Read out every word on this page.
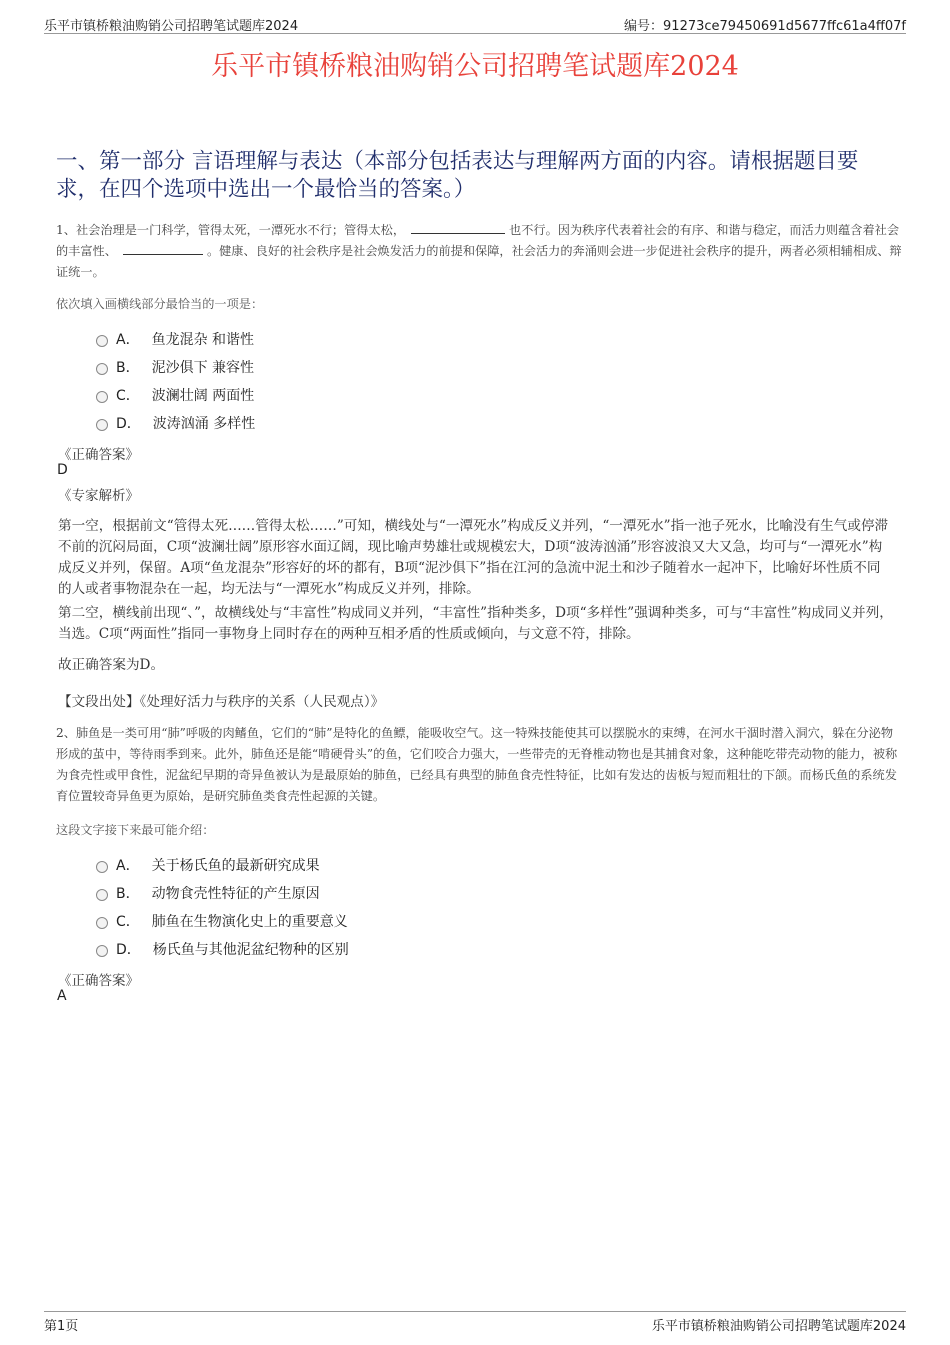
乐平市镇桥粮油购销公司招聘笔试题库2024	编号：91273ce79450691d5677ffc61a4ff07f
乐平市镇桥粮油购销公司招聘笔试题库2024
一、第一部分 言语理解与表达（本部分包括表达与理解两方面的内容。请根据题目要求，在四个选项中选出一个最恰当的答案。）
1、社会治理是一门科学，管得太死，一潭死水不行；管得太松，	也不行。因为秩序代表着社会的有序、和谐与稳定，而活力则蕴含着社会的丰富性、	。健康、良好的社会秩序是社会焕发活力的前提和保障，社会活力的奔涌则会进一步促进社会秩序的提升，两者必须相辅相成、辩证统一。
依次填入画横线部分最恰当的一项是：
A． 鱼龙混杂 和谐性
B． 泥沙俱下 兼容性
C． 波澜壮阔 两面性
D． 波涛汹涌 多样性
《正确答案》
D
《专家解析》
第一空，根据前文“管得太死……管得太松……”可知，横线处与“一潭死水”构成反义并列，“一潭死水”指一池子死水，比喻没有生气或停滞不前的沉闷局面，C项“波澜壮阔”原形容水面辽阔，现比喻声势雄壮或规模宏大，D项“波涛汹涌”形容波浪又大又急，均可与“一潭死水”构成反义并列，保留。A项“鱼龙混杂”形容好的坏的都有，B项“泥沙俱下”指在江河的急流中泥土和沙子随着水一起冲下，比喻好坏性质不同的人或者事物混杂在一起，均无法与“一潭死水”构成反义并列，排除。
第二空，横线前出现“、”，故横线处与“丰富性”构成同义并列，“丰富性”指种类多，D项“多样性”强调种类多，可与“丰富性”构成同义并列，当选。C项“两面性”指同一事物身上同时存在的两种互相矛盾的性质或倾向，与文意不符，排除。
故正确答案为D。
【文段出处】《处理好活力与秩序的关系（人民观点）》
2、肺鱼是一类可用“肺”呼吸的肉鳍鱼，它们的“肺”是特化的鱼鳔，能吸收空气。这一特殊技能使其可以摆脱水的束缚，在河水干涸时潜入洞穴，躲在分泌物形成的茧中，等待雨季到来。此外，肺鱼还是能“啃硬骨头”的鱼，它们咬合力强大，一些带壳的无脊椎动物也是其捕食对象，这种能吃带壳动物的能力，被称为食壳性或甲食性，泥盆纪早期的奇异鱼被认为是最原始的肺鱼，已经具有典型的肺鱼食壳性特征，比如有发达的齿板与短而粗壮的下颌。而杨氏鱼的系统发育位置较奇异鱼更为原始，是研究肺鱼类食壳性起源的关键。
这段文字接下来最可能介绍：
A． 关于杨氏鱼的最新研究成果
B． 动物食壳性特征的产生原因
C． 肺鱼在生物演化史上的重要意义
D． 杨氏鱼与其他泥盆纪物种的区别
《正确答案》
A
第1页	乐平市镇桥粮油购销公司招聘笔试题库2024
